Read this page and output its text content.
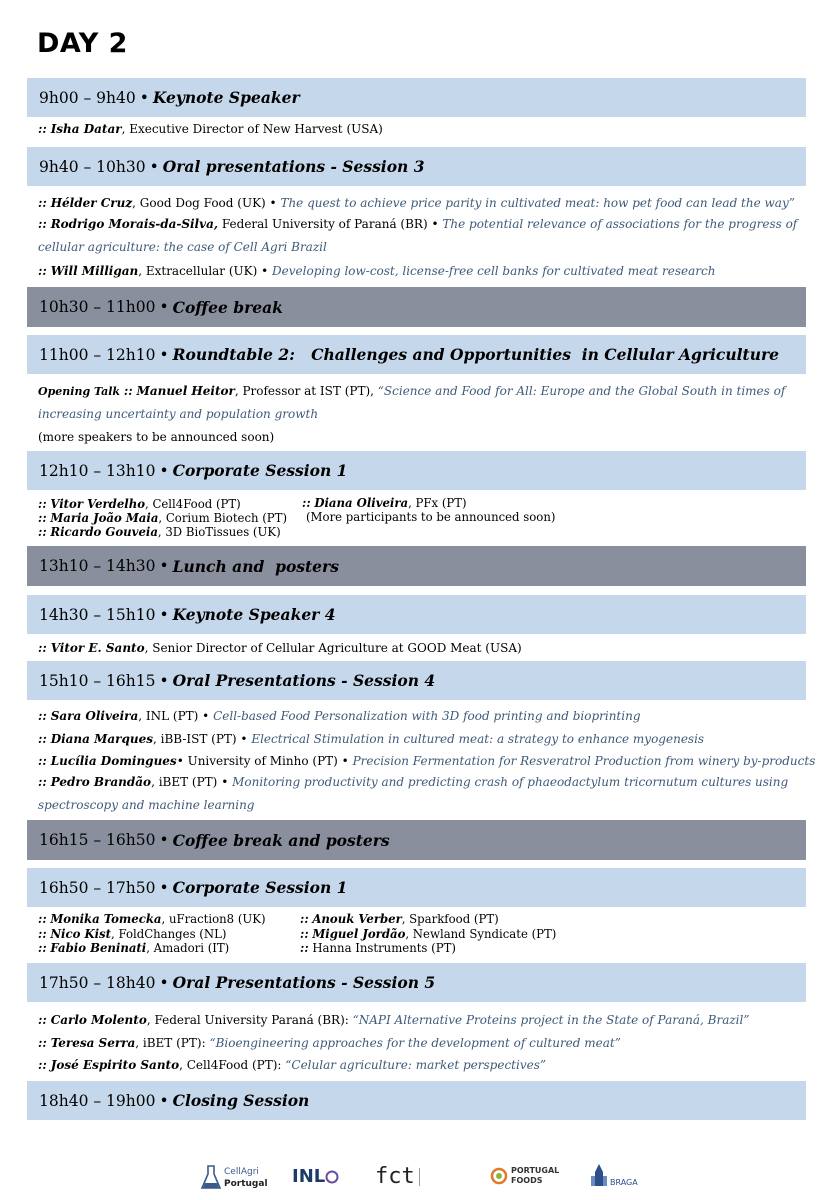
DAY 2
9h00 – 9h40 • Keynote Speaker
:: Isha Datar, Executive Director of New Harvest (USA)
9h40 – 10h30 • Oral presentations - Session 3
:: Hélder Cruz, Good Dog Food (UK) • The quest to achieve price parity in cultivated meat: how pet food can lead the way”
:: Rodrigo Morais-da-Silva, Federal University of Paraná (BR) • The potential relevance of associations for the progress of cellular agriculture: the case of Cell Agri Brazil
:: Will Milligan, Extracellular (UK) • Developing low-cost, license-free cell banks for cultivated meat research
10h30 – 11h00 • Coffee break
11h00 – 12h10 • Roundtable 2:   Challenges and Opportunities  in Cellular Agriculture
Opening Talk :: Manuel Heitor, Professor at IST (PT), “Science and Food for All: Europe and the Global South in times of increasing uncertainty and population growth
(more speakers to be announced soon)
12h10 – 13h10 • Corporate Session 1
:: Vitor Verdelho, Cell4Food (PT)
:: Maria João Maia, Corium Biotech (PT)
:: Ricardo Gouveia, 3D BioTissues (UK)
:: Diana Oliveira, PFx (PT)
(More participants to be announced soon)
13h10 – 14h30 • Lunch and  posters
14h30 – 15h10 • Keynote Speaker 4
:: Vitor E. Santo, Senior Director of Cellular Agriculture at GOOD Meat (USA)
15h10 – 16h15 • Oral Presentations - Session 4
:: Sara Oliveira, INL (PT) • Cell-based Food Personalization with 3D food printing and bioprinting
:: Diana Marques, iBB-IST (PT) • Electrical Stimulation in cultured meat: a strategy to enhance myogenesis
:: Lucília Domingues• University of Minho (PT) • Precision Fermentation for Resveratrol Production from winery by-products
:: Pedro Brandão, iBET (PT) • Monitoring productivity and predicting crash of phaeodactylum tricornutum cultures using spectroscopy and machine learning
16h15 – 16h50 • Coffee break and posters
16h50 – 17h50 • Corporate Session 1
:: Monika Tomecka, uFraction8 (UK)
:: Nico Kist, FoldChanges (NL)
:: Fabio Beninati, Amadori (IT)
:: Anouk Verber, Sparkfood (PT)
:: Miguel Jordão, Newland Syndicate (PT)
:: Hanna Instruments (PT)
17h50 – 18h40 • Oral Presentations - Session 5
:: Carlo Molento, Federal University Paraná (BR): “NAPI Alternative Proteins project in the State of Paraná, Brazil”
:: Teresa Serra, iBET (PT): “Bioengineering approaches for the development of cultured meat”
:: José Espirito Santo, Cell4Food (PT): “Celular agriculture: market perspectives”
18h40 – 19h00 • Closing Session
CellAgri
Portugal INL fct	PORTUGAL
FOODS	BRAGA
